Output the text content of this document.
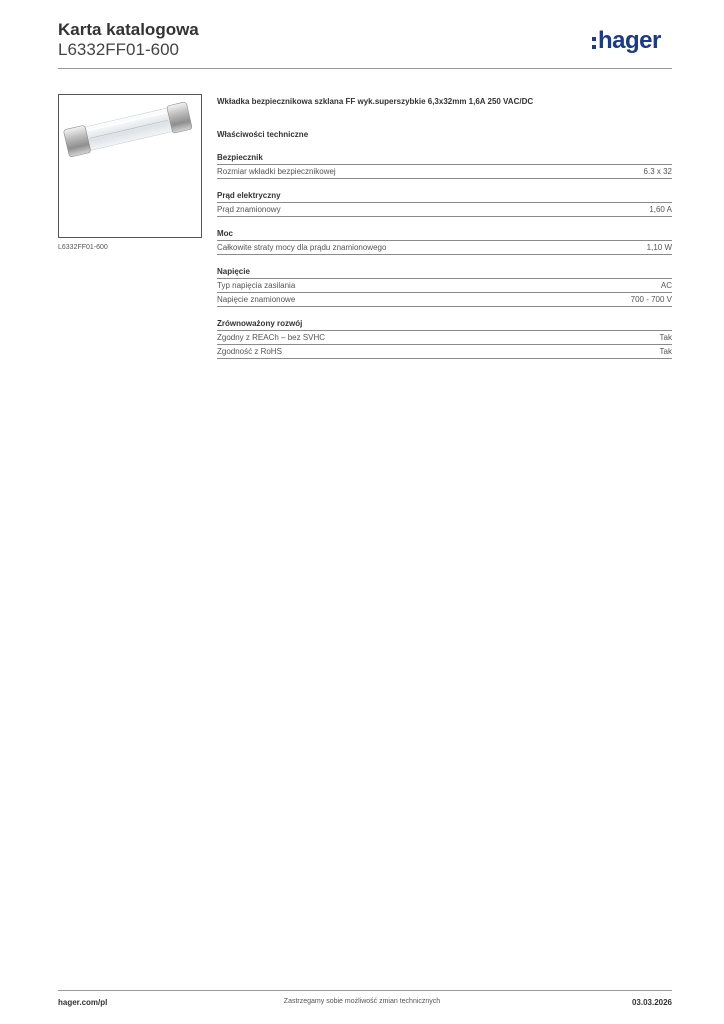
Karta katalogowa
L6332FF01-600	hager
L6332FF01-600
Wkładka bezpiecznikowa szklana FF wyk.superszybkie 6,3x32mm 1,6A 250 VAC/DC
Właściwości techniczne
Bezpiecznik
Rozmiar wkładki bezpiecznikowej	6.3 x 32
Prąd elektryczny
Prąd znamionowy	1,60 A
Moc
Całkowite straty mocy dla prądu znamionowego	1,10 W
Napięcie
Typ napięcia zasilania	AC
Napięcie znamionowe	700 - 700 V
Zrównoważony rozwój
Zgodny z REACh – bez SVHC	Tak
Zgodność z RoHS	Tak
hager.com/pl	Zastrzegamy sobie możliwość zmian technicznych	03.03.2026
